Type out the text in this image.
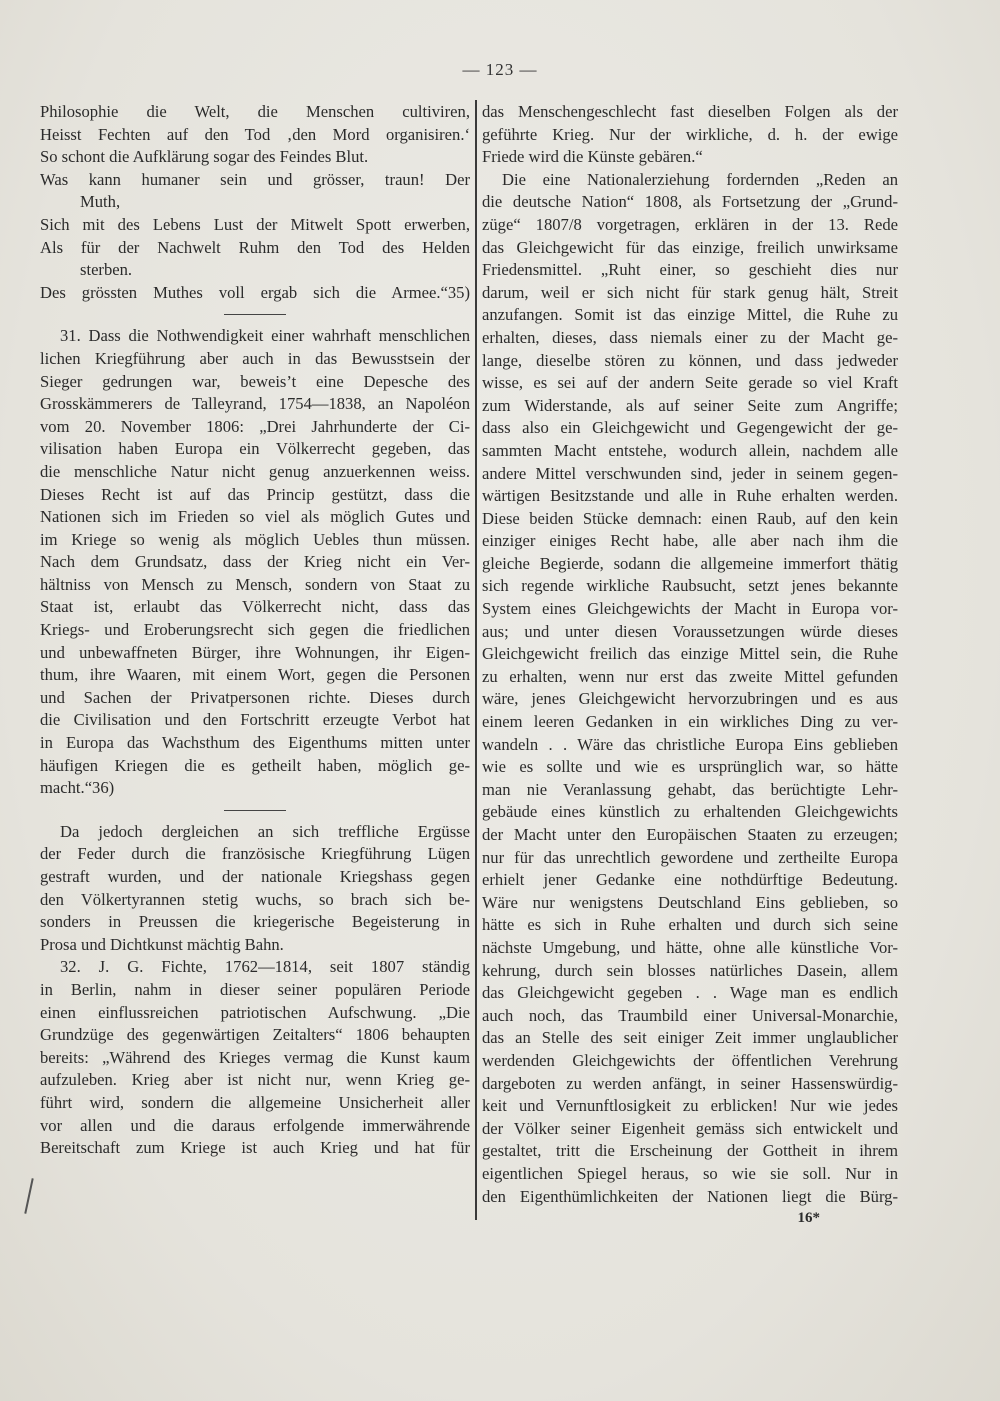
— 123 —
Philosophie die Welt, die Menschen cultiviren,
Heisst Fechten auf den Tod ‚den Mord organisiren.‘
So schont die Aufklärung sogar des Feindes Blut.
Was kann humaner sein und grösser, traun! Der
Muth,
Sich mit des Lebens Lust der Mitwelt Spott erwerben,
Als für der Nachwelt Ruhm den Tod des Helden
sterben.
Des grössten Muthes voll ergab sich die Armee.“35)
31. Dass die Nothwendigkeit einer wahrhaft menschlichen
lichen Kriegführung aber auch in das Bewusstsein der
Sieger gedrungen war, beweis’t eine Depesche des
Grosskämmerers de Talleyrand, 1754—1838, an Napoléon
vom 20. November 1806: „Drei Jahrhunderte der Ci-
vilisation haben Europa ein Völkerrecht gegeben, das
die menschliche Natur nicht genug anzuerkennen weiss.
Dieses Recht ist auf das Princip gestützt, dass die
Nationen sich im Frieden so viel als möglich Gutes und
im Kriege so wenig als möglich Uebles thun müssen.
Nach dem Grundsatz, dass der Krieg nicht ein Ver-
hältniss von Mensch zu Mensch, sondern von Staat zu
Staat ist, erlaubt das Völkerrecht nicht, dass das
Kriegs- und Eroberungsrecht sich gegen die friedlichen
und unbewaffneten Bürger, ihre Wohnungen, ihr Eigen-
thum, ihre Waaren, mit einem Wort, gegen die Personen
und Sachen der Privatpersonen richte. Dieses durch
die Civilisation und den Fortschritt erzeugte Verbot hat
in Europa das Wachsthum des Eigenthums mitten unter
häufigen Kriegen die es getheilt haben, möglich ge-
macht.“36)
Da jedoch dergleichen an sich treffliche Ergüsse
der Feder durch die französische Kriegführung Lügen
gestraft wurden, und der nationale Kriegshass gegen
den Völkertyrannen stetig wuchs, so brach sich be-
sonders in Preussen die kriegerische Begeisterung in
Prosa und Dichtkunst mächtig Bahn.
32. J. G. Fichte, 1762—1814, seit 1807 ständig
in Berlin, nahm in dieser seiner populären Periode
einen einflussreichen patriotischen Aufschwung. „Die
Grundzüge des gegenwärtigen Zeitalters“ 1806 behaupten
bereits: „Während des Krieges vermag die Kunst kaum
aufzuleben. Krieg aber ist nicht nur, wenn Krieg ge-
führt wird, sondern die allgemeine Unsicherheit aller
vor allen und die daraus erfolgende immerwährende
Bereitschaft zum Kriege ist auch Krieg und hat für
das Menschengeschlecht fast dieselben Folgen als der
geführte Krieg. Nur der wirkliche, d. h. der ewige
Friede wird die Künste gebären.“
Die eine Nationalerziehung fordernden „Reden an
die deutsche Nation“ 1808, als Fortsetzung der „Grund-
züge“ 1807/8 vorgetragen, erklären in der 13. Rede
das Gleichgewicht für das einzige, freilich unwirksame
Friedensmittel. „Ruht einer, so geschieht dies nur
darum, weil er sich nicht für stark genug hält, Streit
anzufangen. Somit ist das einzige Mittel, die Ruhe zu
erhalten, dieses, dass niemals einer zu der Macht ge-
lange, dieselbe stören zu können, und dass jedweder
wisse, es sei auf der andern Seite gerade so viel Kraft
zum Widerstande, als auf seiner Seite zum Angriffe;
dass also ein Gleichgewicht und Gegengewicht der ge-
sammten Macht entstehe, wodurch allein, nachdem alle
andere Mittel verschwunden sind, jeder in seinem gegen-
wärtigen Besitzstande und alle in Ruhe erhalten werden.
Diese beiden Stücke demnach: einen Raub, auf den kein
einziger einiges Recht habe, alle aber nach ihm die
gleiche Begierde, sodann die allgemeine immerfort thätig
sich regende wirkliche Raubsucht, setzt jenes bekannte
System eines Gleichgewichts der Macht in Europa vor-
aus; und unter diesen Voraussetzungen würde dieses
Gleichgewicht freilich das einzige Mittel sein, die Ruhe
zu erhalten, wenn nur erst das zweite Mittel gefunden
wäre, jenes Gleichgewicht hervorzubringen und es aus
einem leeren Gedanken in ein wirkliches Ding zu ver-
wandeln . . Wäre das christliche Europa Eins geblieben
wie es sollte und wie es ursprünglich war, so hätte
man nie Veranlassung gehabt, das berüchtigte Lehr-
gebäude eines künstlich zu erhaltenden Gleichgewichts
der Macht unter den Europäischen Staaten zu erzeugen;
nur für das unrechtlich gewordene und zertheilte Europa
erhielt jener Gedanke eine nothdürftige Bedeutung.
Wäre nur wenigstens Deutschland Eins geblieben, so
hätte es sich in Ruhe erhalten und durch sich seine
nächste Umgebung, und hätte, ohne alle künstliche Vor-
kehrung, durch sein blosses natürliches Dasein, allem
das Gleichgewicht gegeben . . Wage man es endlich
auch noch, das Traumbild einer Universal-Monarchie,
das an Stelle des seit einiger Zeit immer unglaublicher
werdenden Gleichgewichts der öffentlichen Verehrung
dargeboten zu werden anfängt, in seiner Hassenswürdig-
keit und Vernunftlosigkeit zu erblicken! Nur wie jedes
der Völker seiner Eigenheit gemäss sich entwickelt und
gestaltet, tritt die Erscheinung der Gottheit in ihrem
eigentlichen Spiegel heraus, so wie sie soll. Nur in
den Eigenthümlichkeiten der Nationen liegt die Bürg-
16*
